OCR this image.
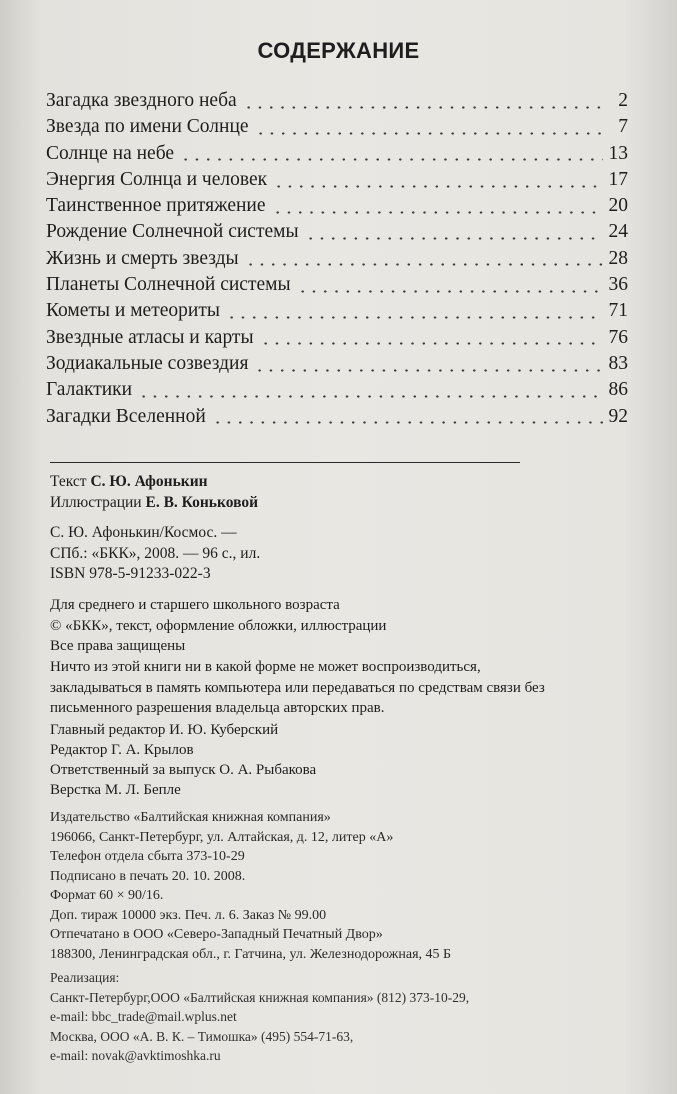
СОДЕРЖАНИЕ
Загадка звездного неба	2
Звезда по имени Солнце	7
Солнце на небе	13
Энергия Солнца и человек	17
Таинственное притяжение	20
Рождение Солнечной системы	24
Жизнь и смерть звезды	28
Планеты Солнечной системы	36
Кометы и метеориты	71
Звездные атласы и карты	76
Зодиакальные созвездия	83
Галактики	86
Загадки Вселенной	92
Текст С. Ю. Афонькин
Иллюстрации Е. В. Коньковой
С. Ю. Афонькин/Космос. —
СПб.: «БКК», 2008. — 96 с., ил.
ISBN 978-5-91233-022-3
Для среднего и старшего школьного возраста
© «БКК», текст, оформление обложки, иллюстрации
Все права защищены
Ничто из этой книги ни в какой форме не может воспроизводиться,
закладываться в память компьютера или передаваться по средствам связи без
письменного разрешения владельца авторских прав.
Главный редактор И. Ю. Куберский
Редактор Г. А. Крылов
Ответственный за выпуск О. А. Рыбакова
Верстка М. Л. Бепле
Издательство «Балтийская книжная компания»
196066, Санкт-Петербург, ул. Алтайская, д. 12, литер «А»
Телефон отдела сбыта 373-10-29
Подписано в печать 20. 10. 2008.
Формат 60 × 90/16.
Доп. тираж 10000 экз. Печ. л. 6. Заказ № 99.00
Отпечатано в ООО «Северо-Западный Печатный Двор»
188300, Ленинградская обл., г. Гатчина, ул. Железнодорожная, 45 Б
Реализация:
Санкт-Петербург,ООО «Балтийская книжная компания» (812) 373-10-29,
e-mail: bbc_trade@mail.wplus.net
Москва, ООО «А. В. К. – Тимошка» (495) 554-71-63,
e-mail: novak@avktimoshka.ru
